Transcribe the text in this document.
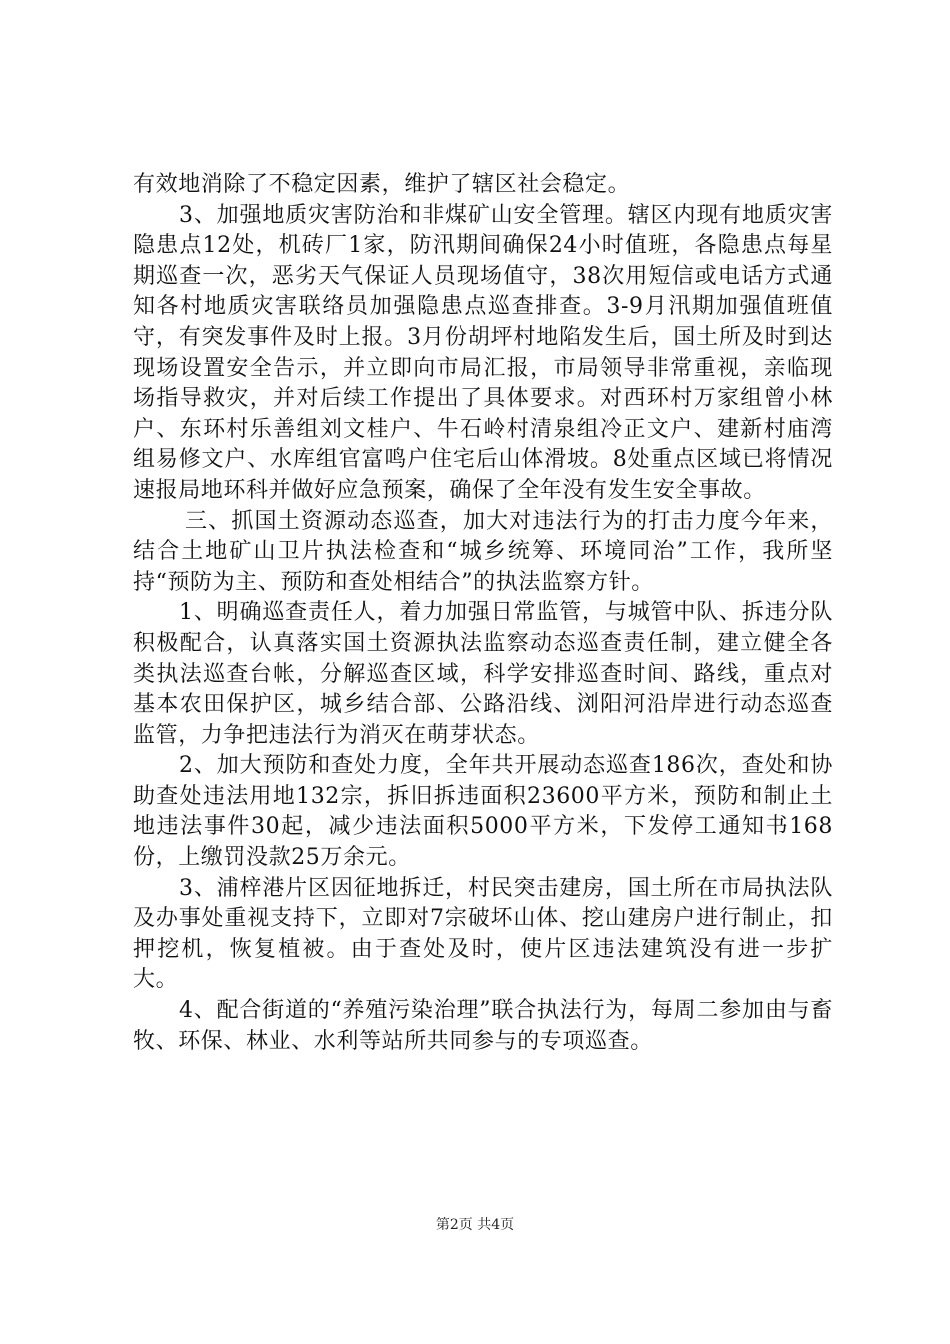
有效地消除了不稳定因素，维护了辖区社会稳定。

3、加强地质灾害防治和非煤矿山安全管理。辖区内现有地质灾害隐患点12处，机砖厂1家，防汛期间确保24小时值班，各隐患点每星期巡查一次，恶劣天气保证人员现场值守，38次用短信或电话方式通知各村地质灾害联络员加强隐患点巡查排查。3-9月汛期加强值班值守，有突发事件及时上报。3月份胡坪村地陷发生后，国土所及时到达现场设置安全告示，并立即向市局汇报，市局领导非常重视，亲临现场指导救灾，并对后续工作提出了具体要求。对西环村万家组曾小林户、东环村乐善组刘文桂户、牛石岭村清泉组冷正文户、建新村庙湾组易修文户、水库组官富鸣户住宅后山体滑坡。8处重点区域已将情况速报局地环科并做好应急预案，确保了全年没有发生安全事故。

三、抓国土资源动态巡查，加大对违法行为的打击力度今年来，结合土地矿山卫片执法检查和“城乡统筹、环境同治”工作，我所坚持“预防为主、预防和查处相结合”的执法监察方针。

1、明确巡查责任人，着力加强日常监管，与城管中队、拆违分队积极配合，认真落实国土资源执法监察动态巡查责任制，建立健全各类执法巡查台帐，分解巡查区域，科学安排巡查时间、路线，重点对基本农田保护区，城乡结合部、公路沿线、浏阳河沿岸进行动态巡查监管，力争把违法行为消灭在萌芽状态。

2、加大预防和查处力度，全年共开展动态巡查186次，查处和协助查处违法用地132宗，拆旧拆违面积23600平方米，预防和制止土地违法事件30起，减少违法面积5000平方米，下发停工通知书168份，上缴罚没款25万余元。

3、浦梓港片区因征地拆迁，村民突击建房，国土所在市局执法队及办事处重视支持下，立即对7宗破坏山体、挖山建房户进行制止，扣押挖机，恢复植被。由于查处及时，使片区违法建筑没有进一步扩大。

4、配合街道的“养殖污染治理”联合执法行为，每周二参加由与畜牧、环保、林业、水利等站所共同参与的专项巡查。

第2页 共4页
